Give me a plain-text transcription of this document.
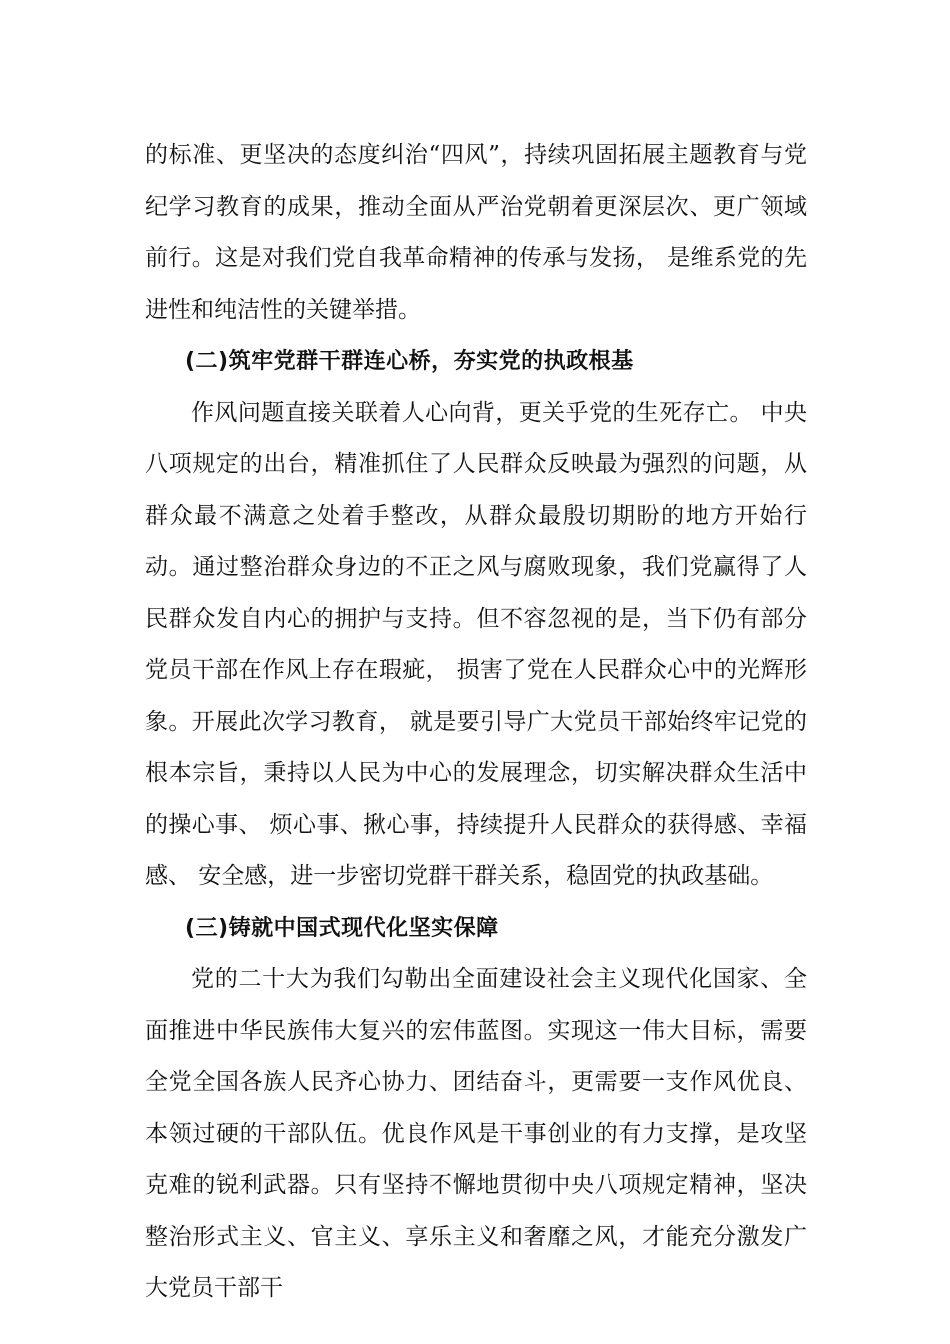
的标准、更坚决的态度纠治“四风”，持续巩固拓展主题教育与党纪学习教育的成果，推动全面从严治党朝着更深层次、更广领域前行。这是对我们党自我革命精神的传承与发扬， 是维系党的先进性和纯洁性的关键举措。

(二)筑牢党群干群连心桥，夯实党的执政根基

作风问题直接关联着人心向背，更关乎党的生死存亡。 中央八项规定的出台，精准抓住了人民群众反映最为强烈的问题，从群众最不满意之处着手整改，从群众最殷切期盼的地方开始行动。通过整治群众身边的不正之风与腐败现象，我们党赢得了人民群众发自内心的拥护与支持。但不容忽视的是，当下仍有部分党员干部在作风上存在瑕疵， 损害了党在人民群众心中的光辉形象。开展此次学习教育， 就是要引导广大党员干部始终牢记党的根本宗旨，秉持以人民为中心的发展理念，切实解决群众生活中的操心事、 烦心事、揪心事，持续提升人民群众的获得感、幸福感、 安全感，进一步密切党群干群关系，稳固党的执政基础。

(三)铸就中国式现代化坚实保障

党的二十大为我们勾勒出全面建设社会主义现代化国家、全面推进中华民族伟大复兴的宏伟蓝图。实现这一伟大目标，需要全党全国各族人民齐心协力、团结奋斗，更需要一支作风优良、本领过硬的干部队伍。优良作风是干事创业的有力支撑，是攻坚克难的锐利武器。只有坚持不懈地贯彻中央八项规定精神，坚决整治形式主义、官主义、享乐主义和奢靡之风，才能充分激发广大党员干部干
